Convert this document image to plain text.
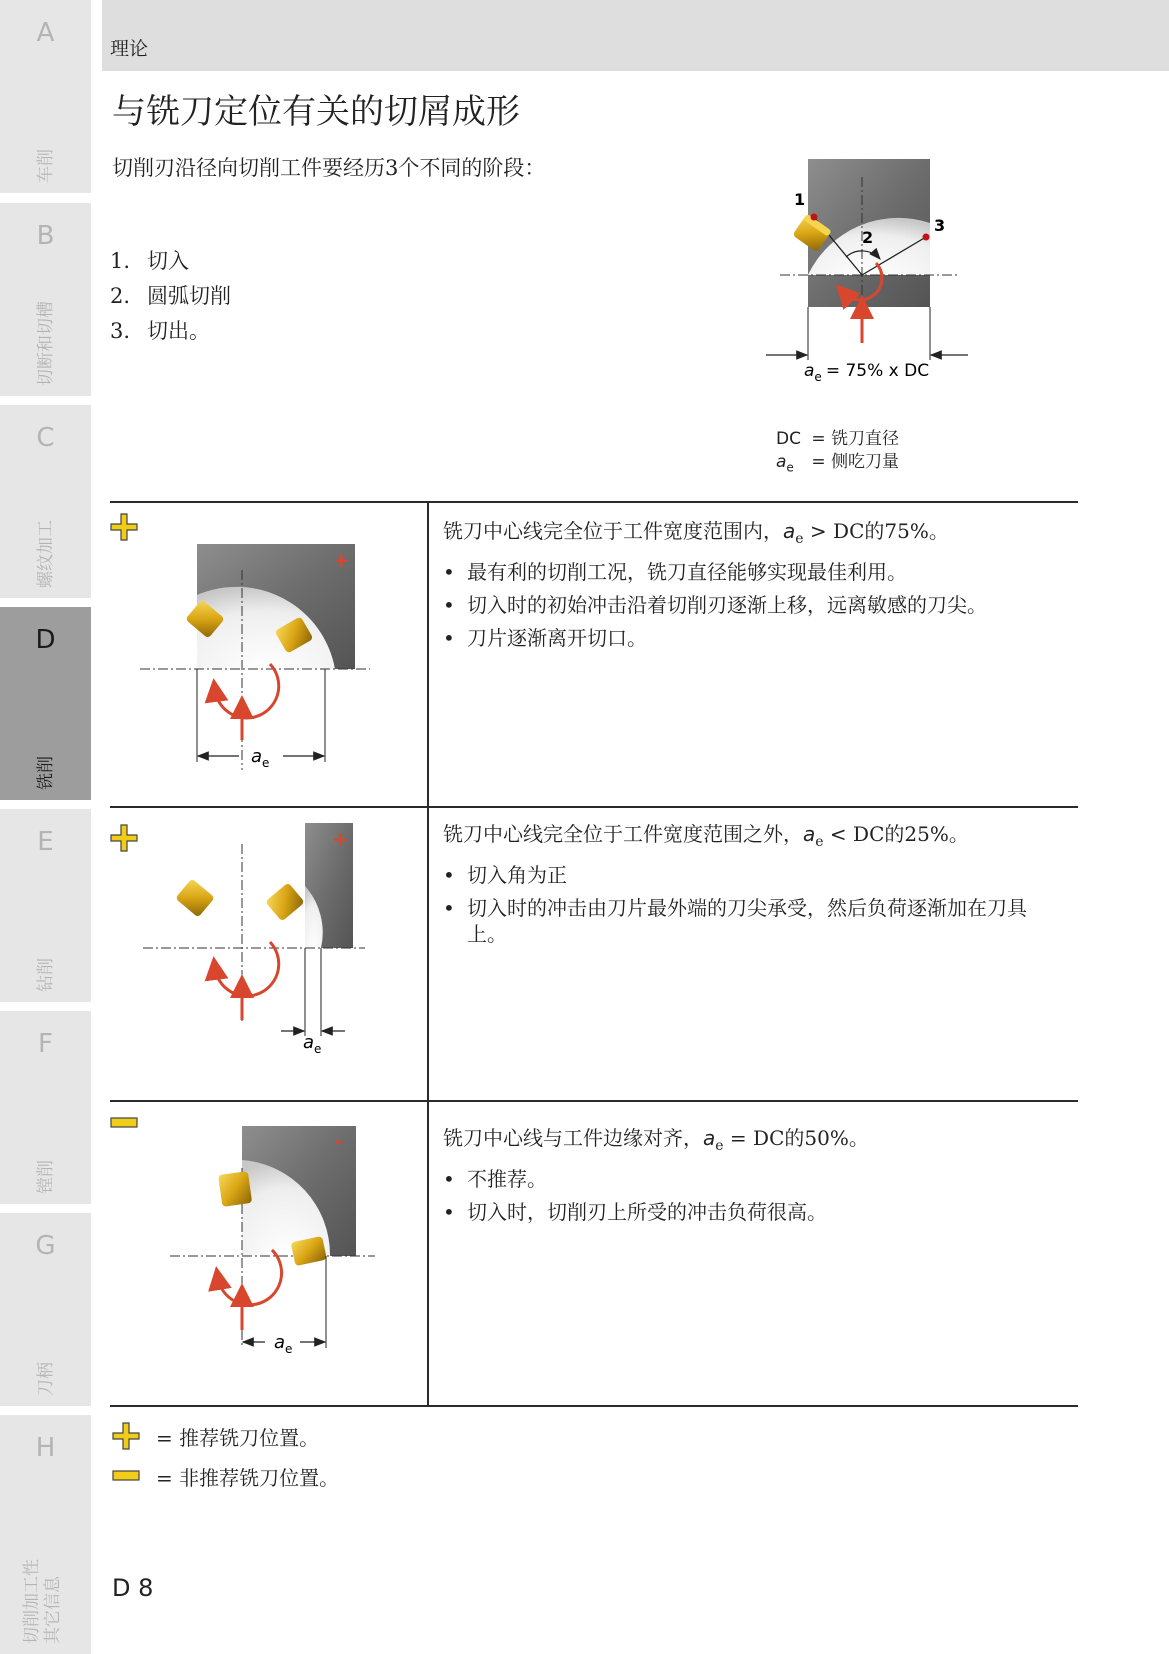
A
车削
B
切断和切槽
C
螺纹加工
D
铣削
E
钻削
F
镗削
G
刀柄
H
切削加工性 其它信息
理论
与铣刀定位有关的切屑成形
切削刃沿径向切削工件要经历3个不同的阶段：
1. 切入
2. 圆弧切削
3. 切出。
1
2
3
$a_e = 75\%$ x DC
DC = 铣刀直径
$a_e$ = 侧吃刀量
+
$a_e$
+
$a_e$
-
$a_e$
铣刀中心线完全位于工件宽度范围内，$a_e$ > DC的75%。
• 最有利的切削工况，铣刀直径能够实现最佳利用。
• 切入时的初始冲击沿着切削刃逐渐上移，远离敏感的刀尖。
• 刀片逐渐离开切口。
铣刀中心线完全位于工件宽度范围之外，$a_e$ < DC的25%。
• 切入角为正
• 切入时的冲击由刀片最外端的刀尖承受，然后负荷逐渐加在刀具上。
铣刀中心线与工件边缘对齐，$a_e$ = DC的50%。
• 不推荐。
• 切入时，切削刃上所受的冲击负荷很高。
= 推荐铣刀位置。
= 非推荐铣刀位置。
D 8
